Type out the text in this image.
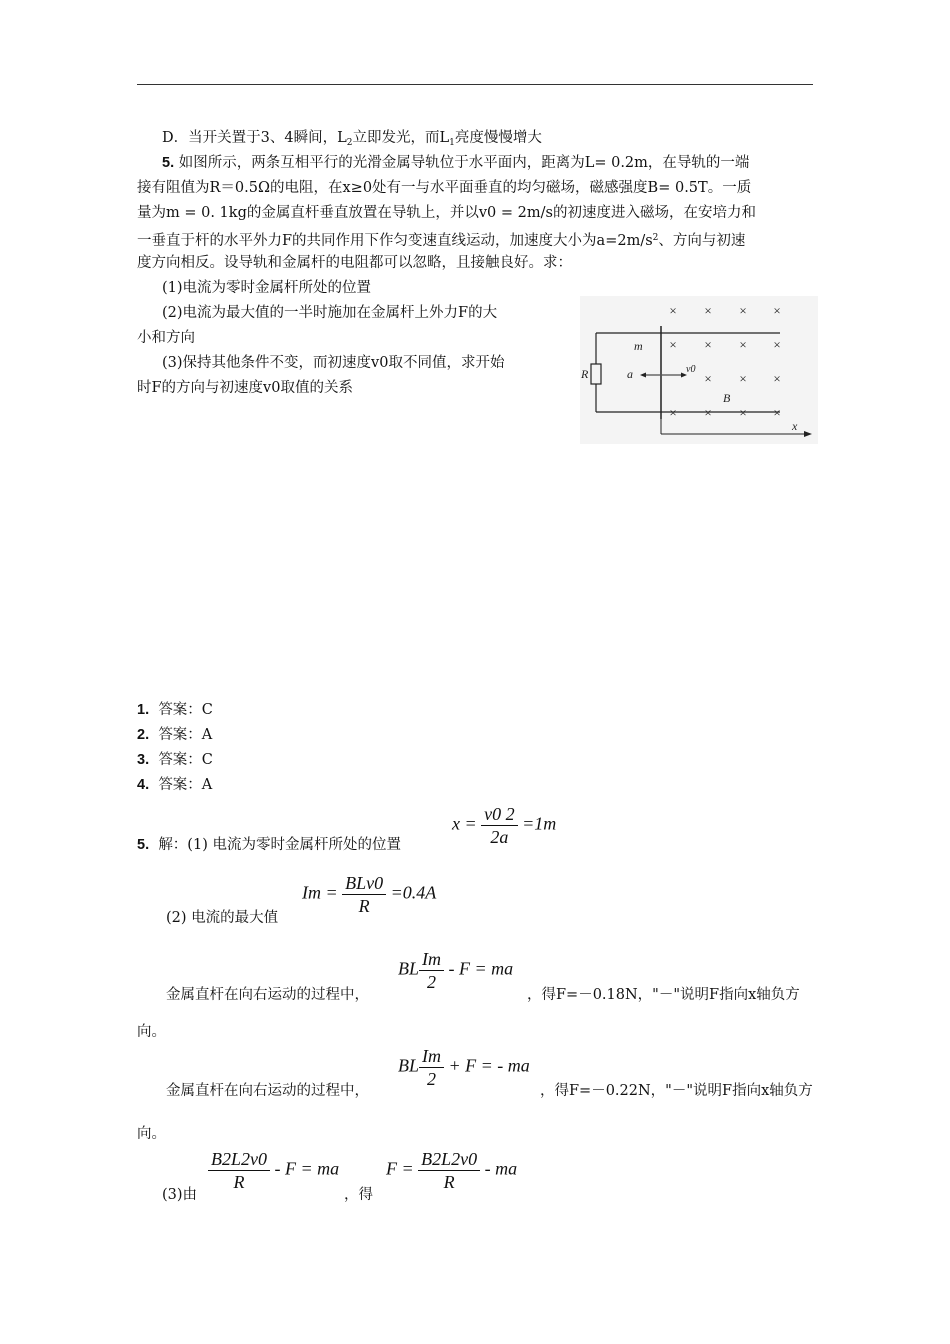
D．当开关置于3、4瞬间，$L_2$立即发光，而$L_1$亮度慢慢增大
5. 如图所示，两条互相平行的光滑金属导轨位于水平面内，距离为L= 0.2m，在导轨的一端
接有阻值为R＝0.5Ω的电阻，在x≥0处有一与水平面垂直的均匀磁场，磁感强度B= 0.5T。一质
量为m = 0. 1kg的金属直杆垂直放置在导轨上，并以v0 = 2m/s的初速度进入磁场，在安培力和
一垂直于杆的水平外力F的共同作用下作匀变速直线运动，加速度大小为$a=2m/s^2$、方向与初速
度方向相反。设导轨和金属杆的电阻都可以忽略，且接触良好。求：
(1)电流为零时金属杆所处的位置
(2)电流为最大值的一半时施加在金属杆上外力F的大
小和方向
(3)保持其他条件不变，而初速度v0取不同值，求开始
时F的方向与初速度v0取值的关系
× × × ×
× × × ×
× × ×
× × × ×
m
R	a	v0
B
x
1. 答案：C
2. 答案：A
3. 答案：C
4. 答案：A
5. 解：(1) 电流为零时金属杆所处的位置
$x = \frac{v0 2}{2a} =1m$
(2) 电流的最大值
$Im = \frac{\text{BLv0}}{R} =0.4A$
金属直杆在向右运动的过程中，
BL $\frac{Im}{2}$ - F = ma
，得F=－0.18N，"－"说明F指向x轴负方
向。
金属直杆在向右运动的过程中，
BL $\frac{Im}{2} + F$ = - ma
，得F=－0.22N，"－"说明F指向x轴负方
向。
(3)由
$\frac{B2L2v0}{R}$ - F = ma
，得
$F = \frac{B2L2v0}{R}$ - ma
